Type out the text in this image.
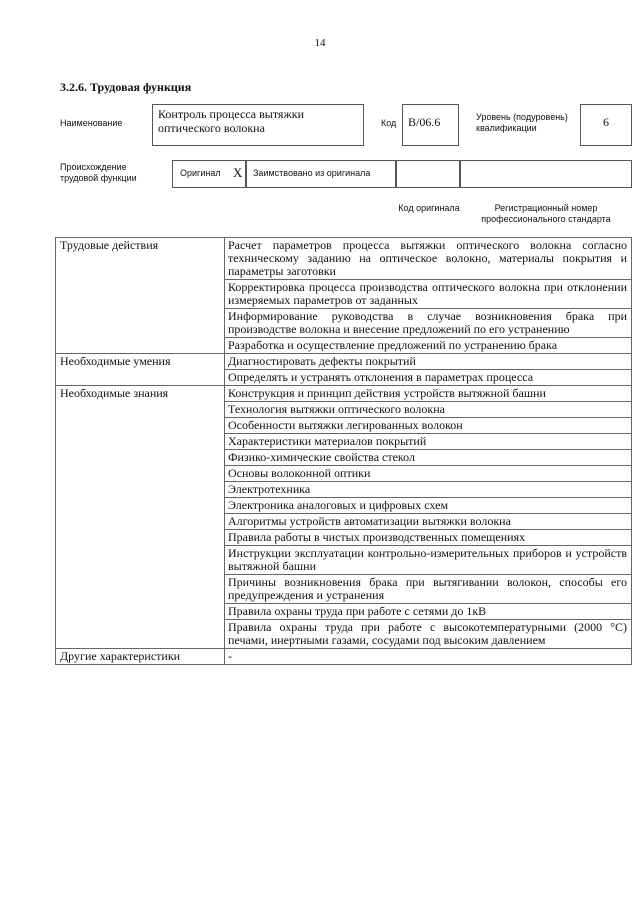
14
3.2.6. Трудовая функция
Наименование
Контроль процесса вытяжки оптического волокна	Код В/06.6	Уровень (подуровень) квалификации	6
Происхождение трудовой функции	Оригинал X Заимствовано из оригинала
Код оригинала	Регистрационный номер профессионального стандарта
Трудовые действия	Расчет параметров процесса вытяжки оптического волокна согласно техническому заданию на оптическое волокно, материалы покрытия и параметры заготовки
	Корректировка процесса производства оптического волокна при отклонении измеряемых параметров от заданных
	Информирование руководства в случае возникновения брака при производстве волокна и внесение предложений по его устранению
	Разработка и осуществление предложений по устранению брака
Необходимые умения	Диагностировать дефекты покрытий
	Определять и устранять отклонения в параметрах процесса
Необходимые знания	Конструкция и принцип действия устройств вытяжной башни
	Технология вытяжки оптического волокна
	Особенности вытяжки легированных волокон
	Характеристики материалов покрытий
	Физико-химические свойства стекол
	Основы волоконной оптики
	Электротехника
	Электроника аналоговых и цифровых схем
	Алгоритмы устройств автоматизации вытяжки волокна
	Правила работы в чистых производственных помещениях
	Инструкции эксплуатации контрольно-измерительных приборов и устройств вытяжной башни
	Причины возникновения брака при вытягивании волокон, способы его предупреждения и устранения
	Правила охраны труда при работе с сетями до 1кВ
	Правила охраны труда при работе с высокотемпературными (2000 °С) печами, инертными газами, сосудами под высоким давлением
Другие характеристики	-
